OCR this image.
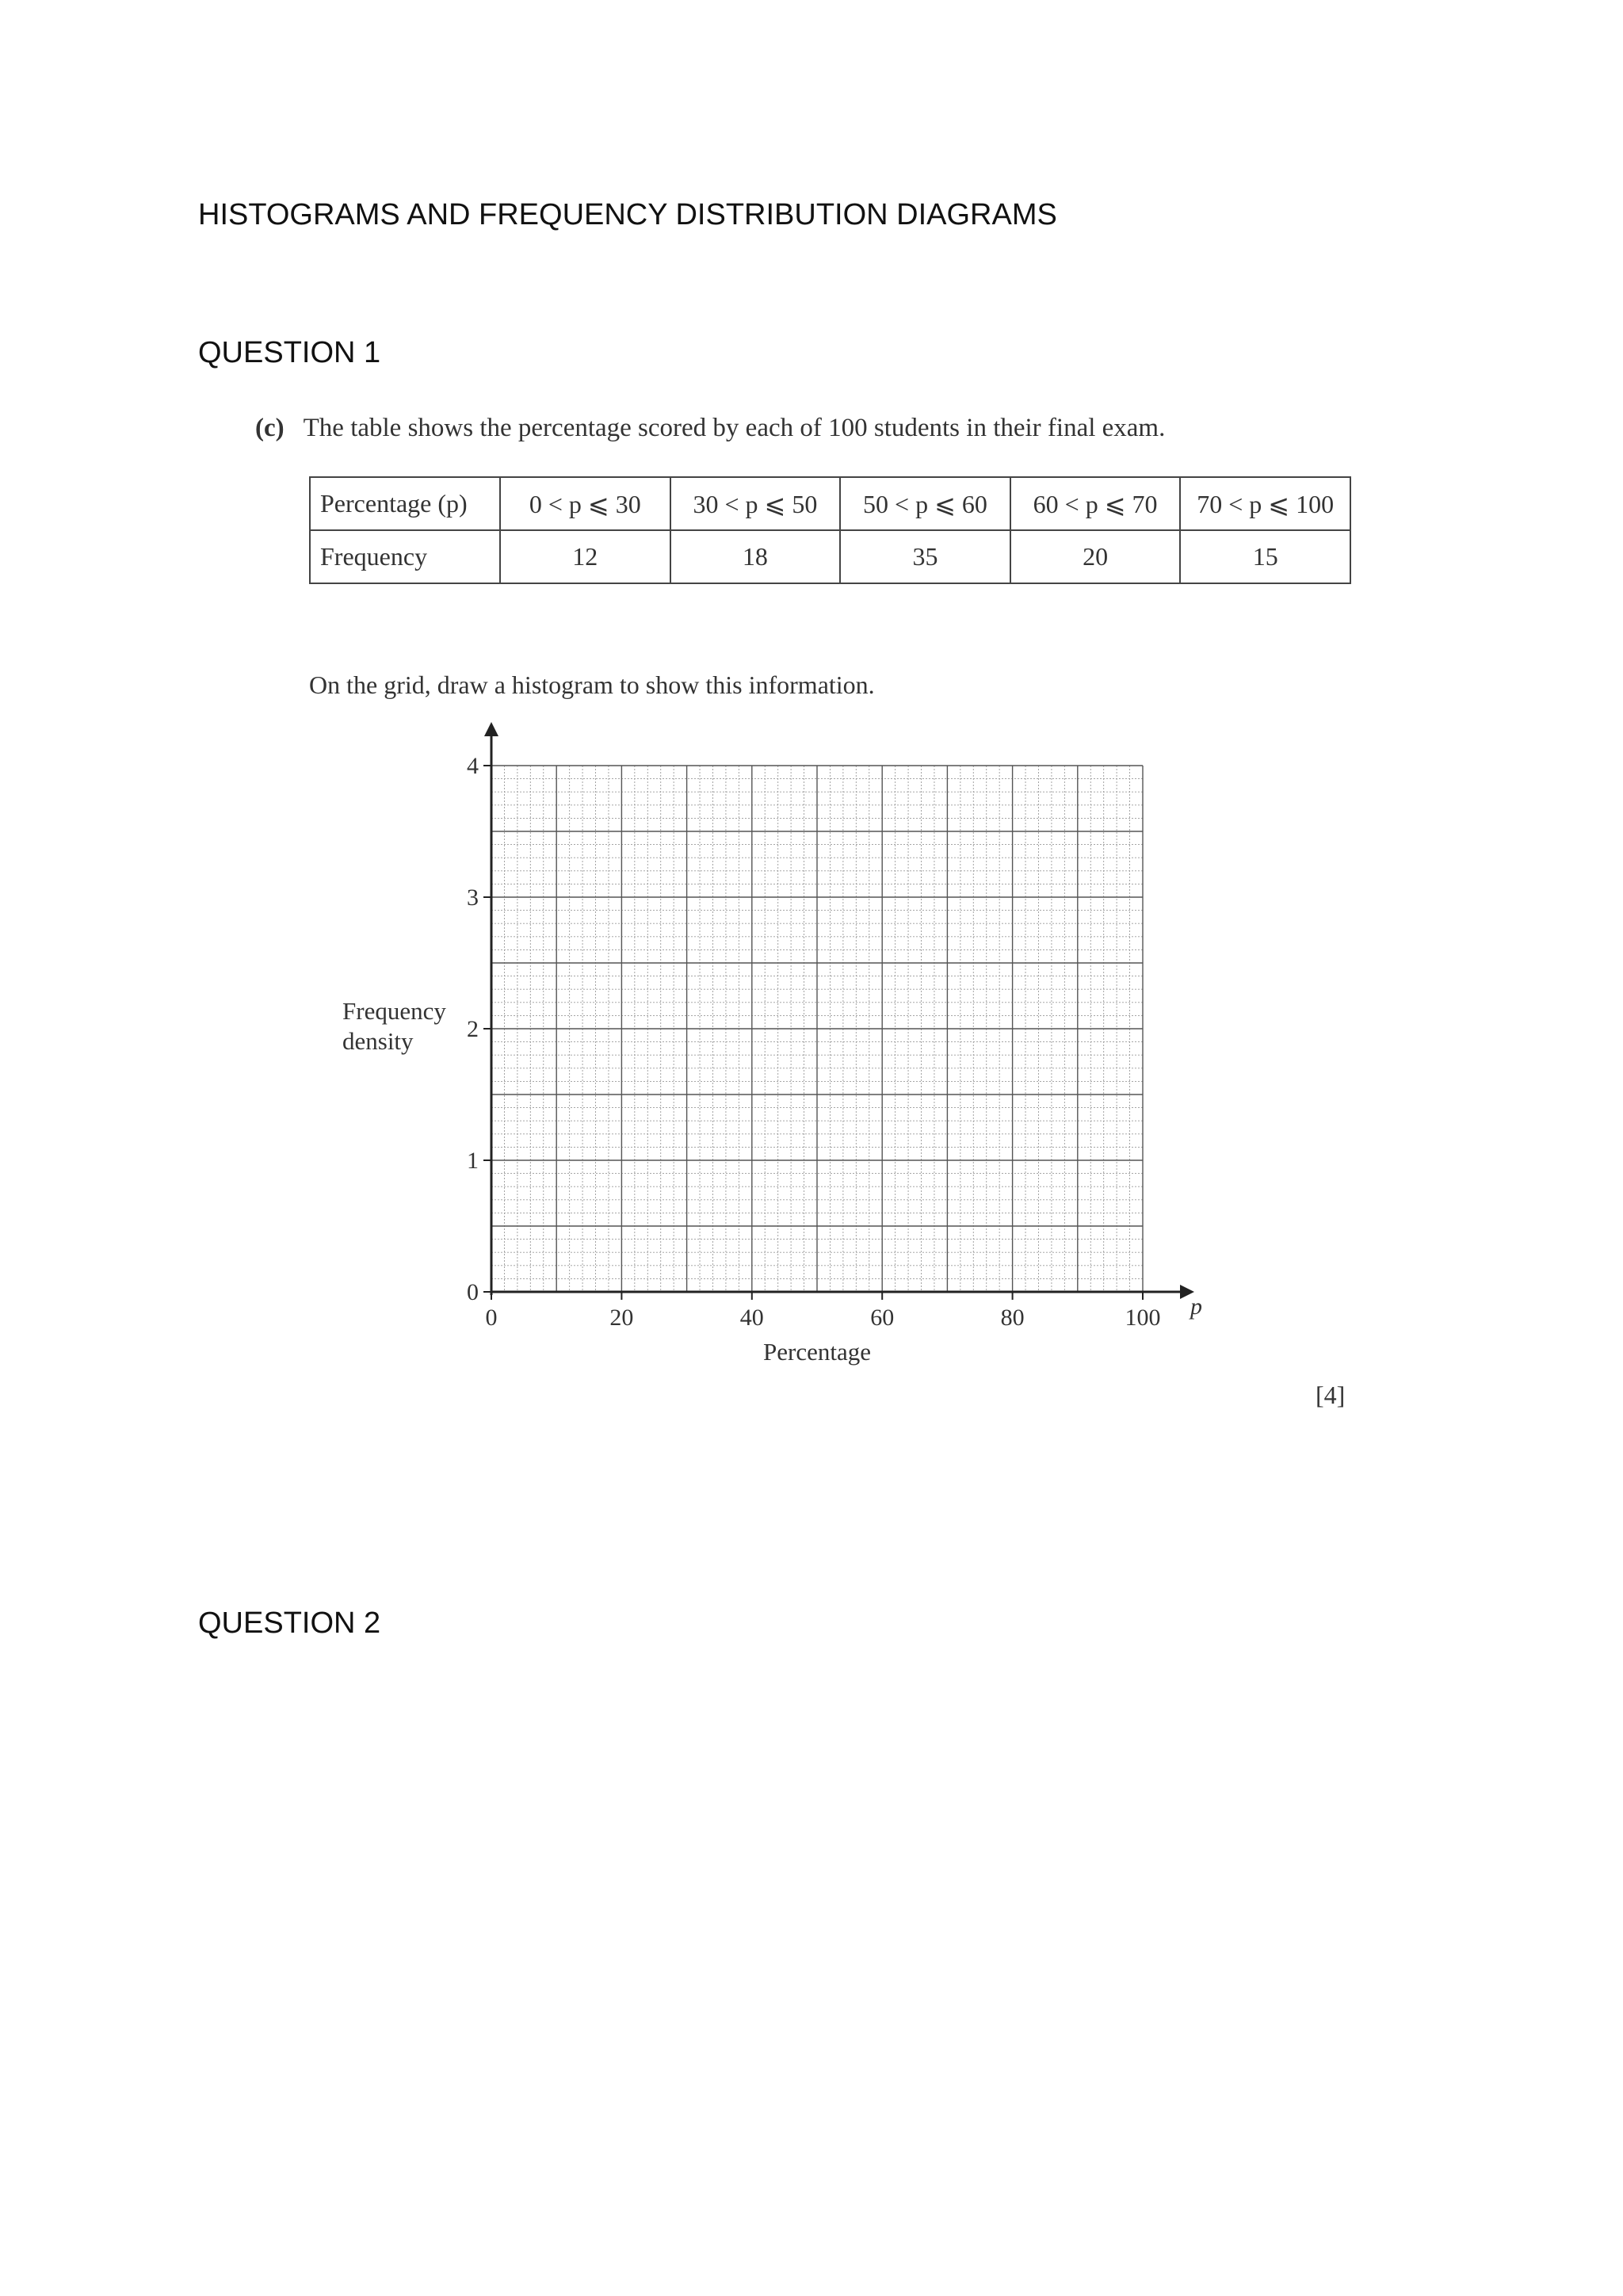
HISTOGRAMS AND FREQUENCY DISTRIBUTION DIAGRAMS
QUESTION 1
(c) The table shows the percentage scored by each of 100 students in their final exam.
Percentage (p)	0 < p ⩽ 30	30 < p ⩽ 50	50 < p ⩽ 60	60 < p ⩽ 70	70 < p ⩽ 100
Frequency	12	18	35	20	15
On the grid, draw a histogram to show this information.
0	20	40	60	80	100
0
1
2
3
4
Percentage
p
Frequency
density
[4]
QUESTION 2
